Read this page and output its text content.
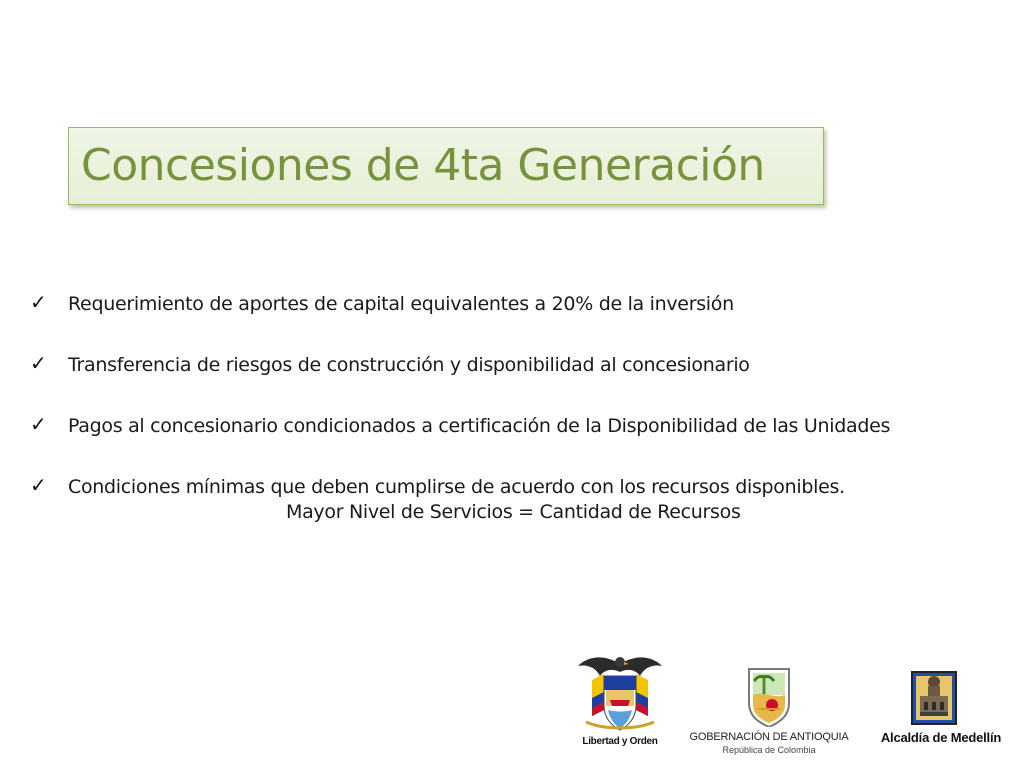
Concesiones de 4ta Generación
✓ Requerimiento de aportes de capital equivalentes a 20% de la inversión
✓ Transferencia de riesgos de construcción y disponibilidad al concesionario
✓ Pagos al concesionario condicionados a certificación de la Disponibilidad de las Unidades
✓ Condiciones mínimas que deben cumplirse de acuerdo con los recursos disponibles.
Mayor Nivel de Servicios = Cantidad de Recursos
Libertad y Orden	GOBERNACIÓN DE ANTIOQUIA
República de Colombia
Alcaldía de Medellín
